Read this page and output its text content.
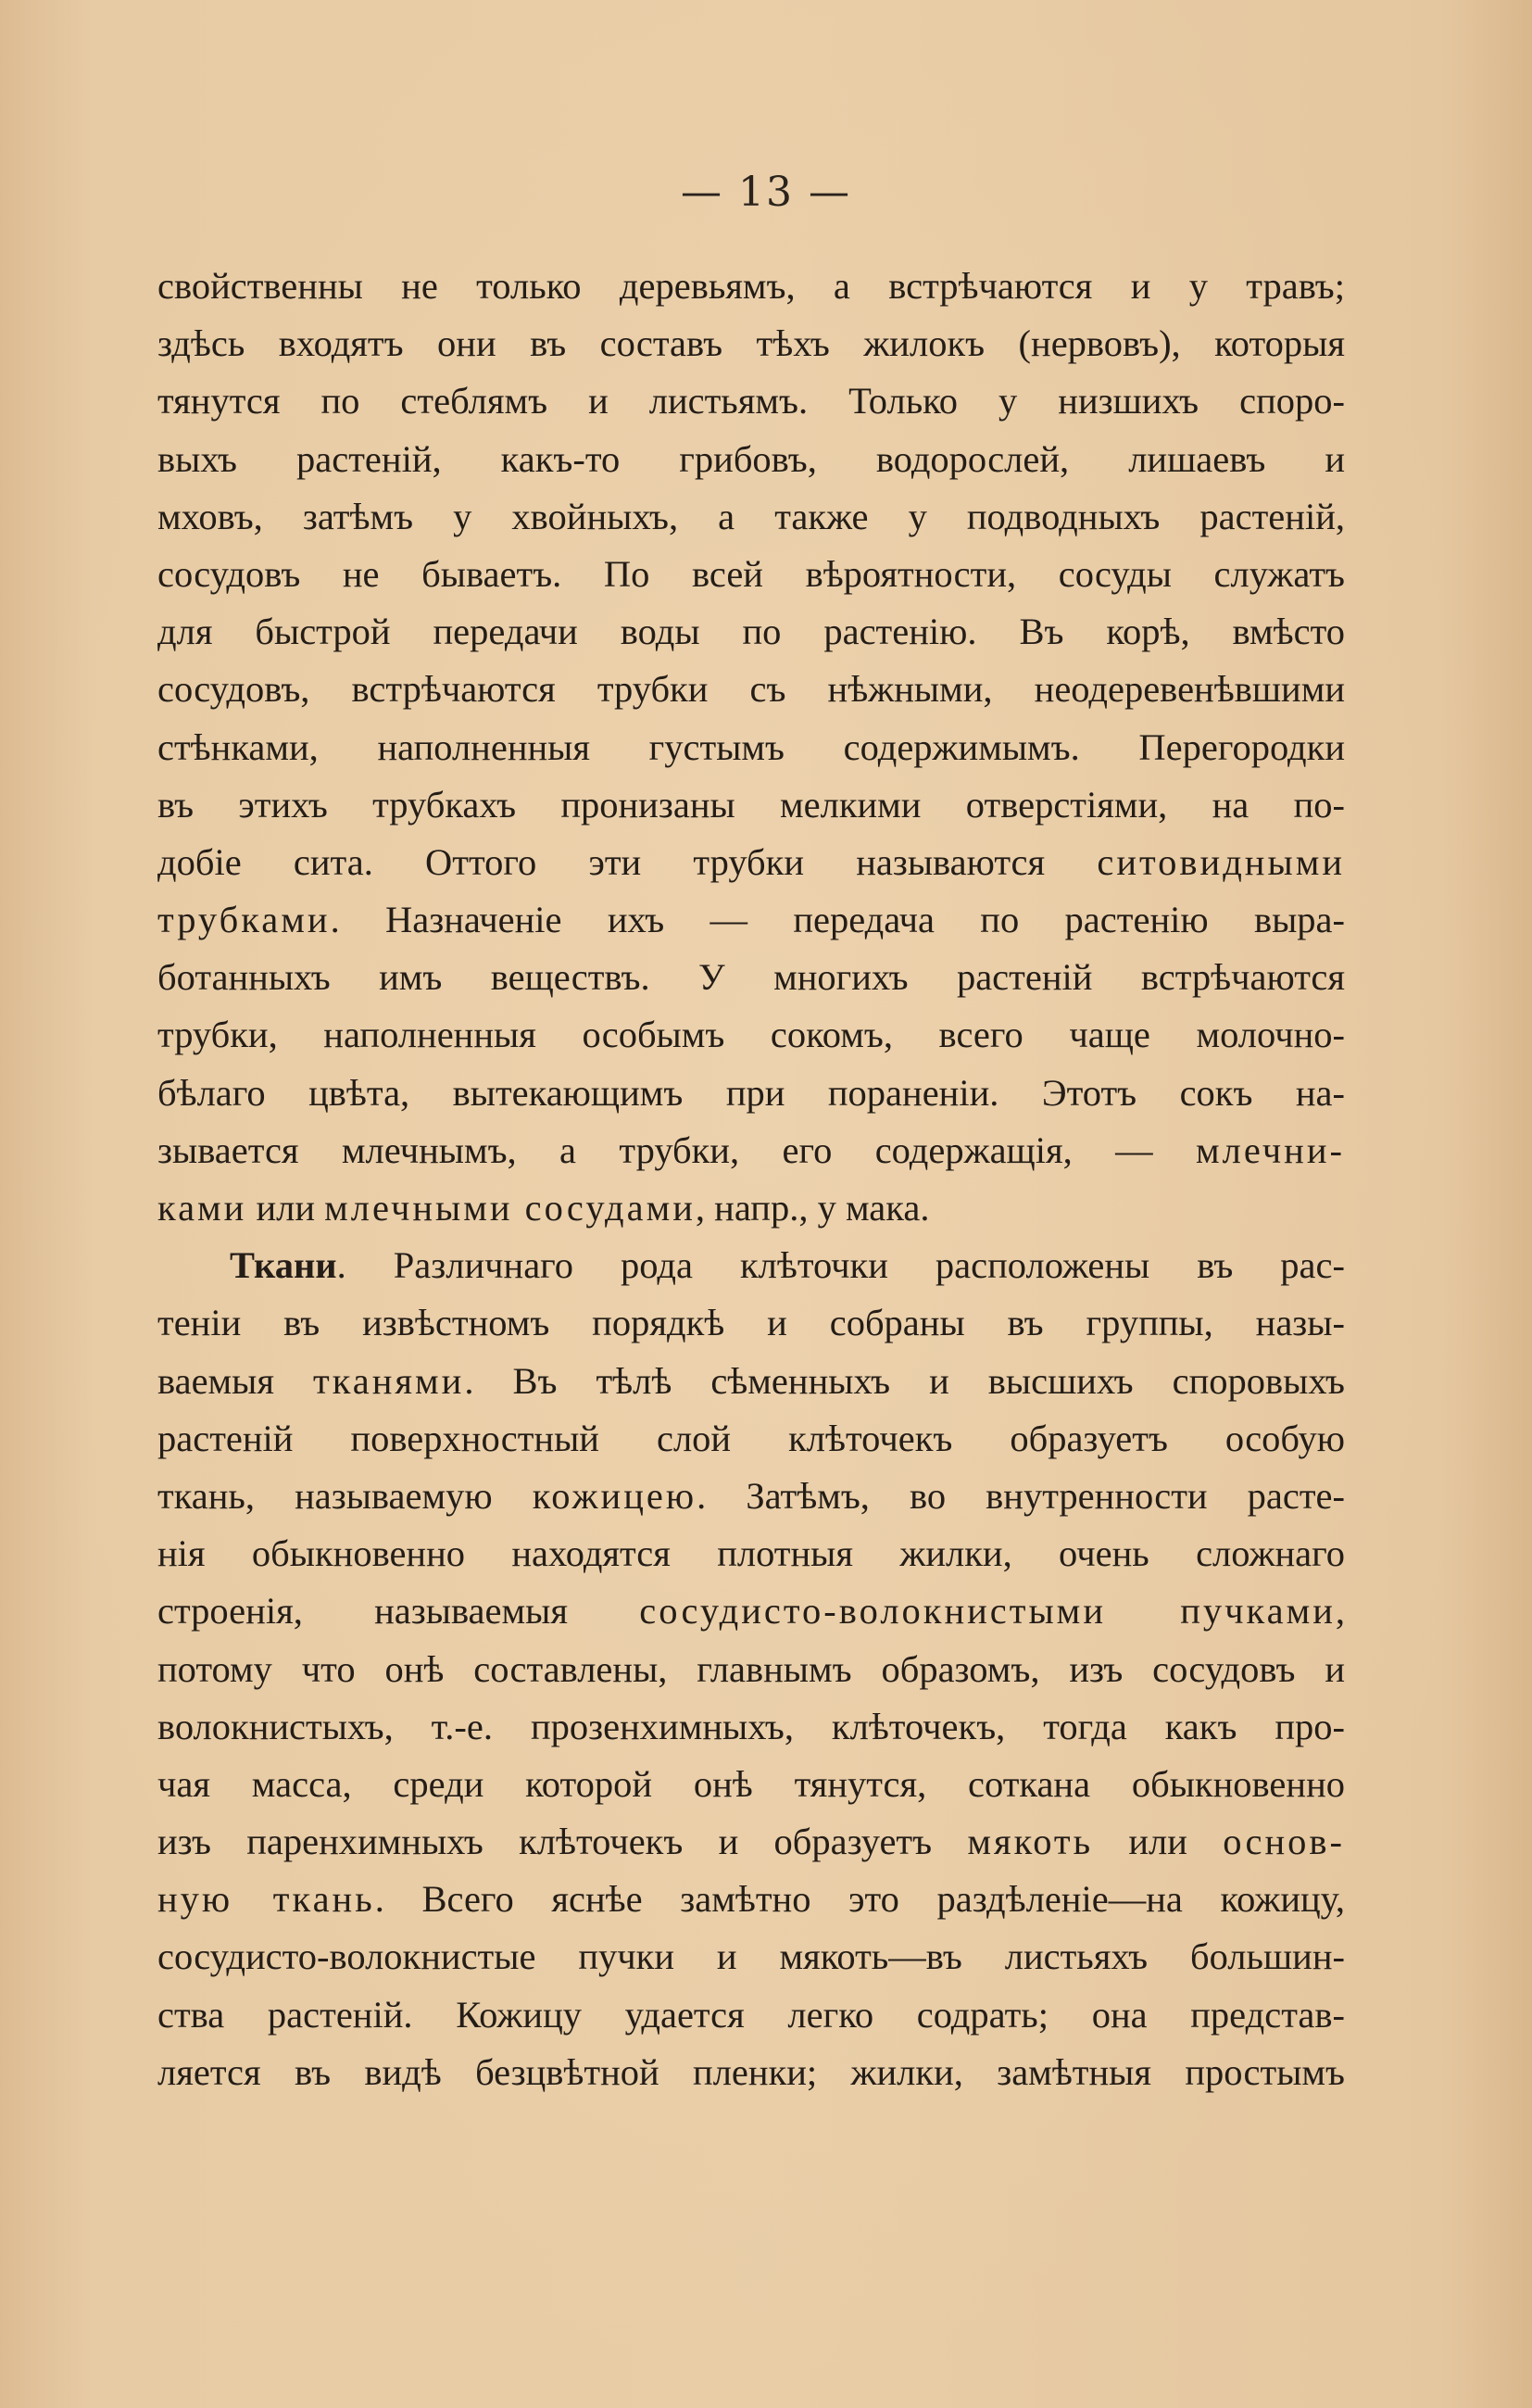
— 13 —
свойственны не только деревьямъ, а встрѣчаются и у травъ;
здѣсь входятъ они въ составъ тѣхъ жилокъ (нервовъ), которыя
тянутся по стеблямъ и листьямъ. Только у низшихъ споро-
выхъ растеній, какъ-то грибовъ, водорослей, лишаевъ и
мховъ, затѣмъ у хвойныхъ, а также у подводныхъ растеній,
сосудовъ не бываетъ. По всей вѣроятности, сосуды служатъ
для быстрой передачи воды по растенію. Въ корѣ, вмѣсто
сосудовъ, встрѣчаются трубки съ нѣжными, неодеревенѣвшими
стѣнками, наполненныя густымъ содержимымъ. Перегородки
въ этихъ трубкахъ пронизаны мелкими отверстіями, на по-
добіе сита. Оттого эти трубки называются ситовидными
трубками. Назначеніе ихъ — передача по растенію выра-
ботанныхъ имъ веществъ. У многихъ растеній встрѣчаются
трубки, наполненныя особымъ сокомъ, всего чаще молочно-
бѣлаго цвѣта, вытекающимъ при пораненіи. Этотъ сокъ на-
зывается млечнымъ, а трубки, его содержащія, — млечни-
ками или млечными сосудами, напр., у мака.
Ткани. Различнаго рода клѣточки расположены въ рас-
теніи въ извѣстномъ порядкѣ и собраны въ группы, назы-
ваемыя тканями. Въ тѣлѣ сѣменныхъ и высшихъ споровыхъ
растеній поверхностный слой клѣточекъ образуетъ особую
ткань, называемую кожицею. Затѣмъ, во внутренности расте-
нія обыкновенно находятся плотныя жилки, очень сложнаго
строенія, называемыя сосудисто-волокнистыми пучками,
потому что онѣ составлены, главнымъ образомъ, изъ сосудовъ и
волокнистыхъ, т.-е. прозенхимныхъ, клѣточекъ, тогда какъ про-
чая масса, среди которой онѣ тянутся, соткана обыкновенно
изъ паренхимныхъ клѣточекъ и образуетъ мякоть или основ-
ную ткань. Всего яснѣе замѣтно это раздѣленіе—на кожицу,
сосудисто-волокнистые пучки и мякоть—въ листьяхъ большин-
ства растеній. Кожицу удается легко содрать; она представ-
ляется въ видѣ безцвѣтной пленки; жилки, замѣтныя простымъ
